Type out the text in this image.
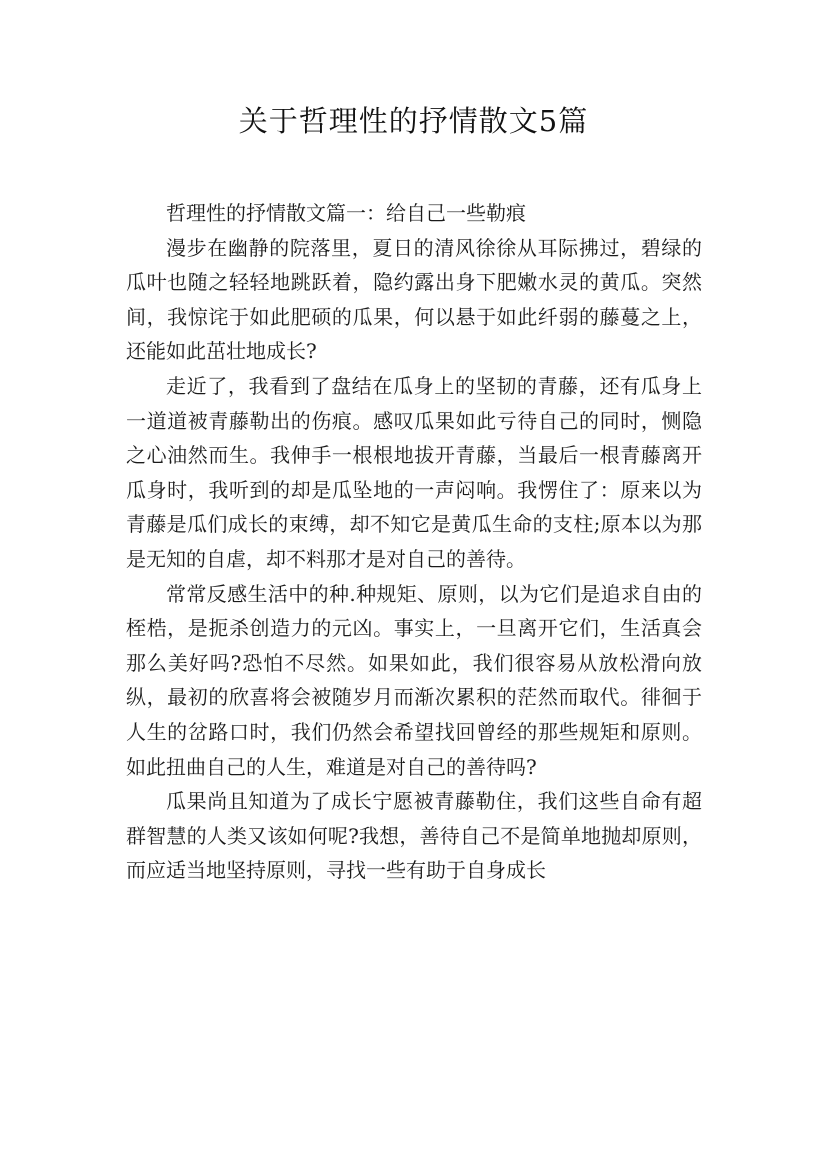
关于哲理性的抒情散文5篇

哲理性的抒情散文篇一：给自己一些勒痕

漫步在幽静的院落里，夏日的清风徐徐从耳际拂过，碧绿的瓜叶也随之轻轻地跳跃着，隐约露出身下肥嫩水灵的黄瓜。突然间，我惊诧于如此肥硕的瓜果，何以悬于如此纤弱的藤蔓之上，还能如此茁壮地成长?

走近了，我看到了盘结在瓜身上的坚韧的青藤，还有瓜身上一道道被青藤勒出的伤痕。感叹瓜果如此亏待自己的同时，恻隐之心油然而生。我伸手一根根地拔开青藤，当最后一根青藤离开瓜身时，我听到的却是瓜坠地的一声闷响。我愣住了：原来以为青藤是瓜们成长的束缚，却不知它是黄瓜生命的支柱;原本以为那是无知的自虐，却不料那才是对自己的善待。

常常反感生活中的种.种规矩、原则，以为它们是追求自由的桎梏，是扼杀创造力的元凶。事实上，一旦离开它们，生活真会那么美好吗?恐怕不尽然。如果如此，我们很容易从放松滑向放纵，最初的欣喜将会被随岁月而渐次累积的茫然而取代。徘徊于人生的岔路口时，我们仍然会希望找回曾经的那些规矩和原则。如此扭曲自己的人生，难道是对自己的善待吗?

瓜果尚且知道为了成长宁愿被青藤勒住，我们这些自命有超群智慧的人类又该如何呢?我想，善待自己不是简单地抛却原则，而应适当地坚持原则，寻找一些有助于自身成长
